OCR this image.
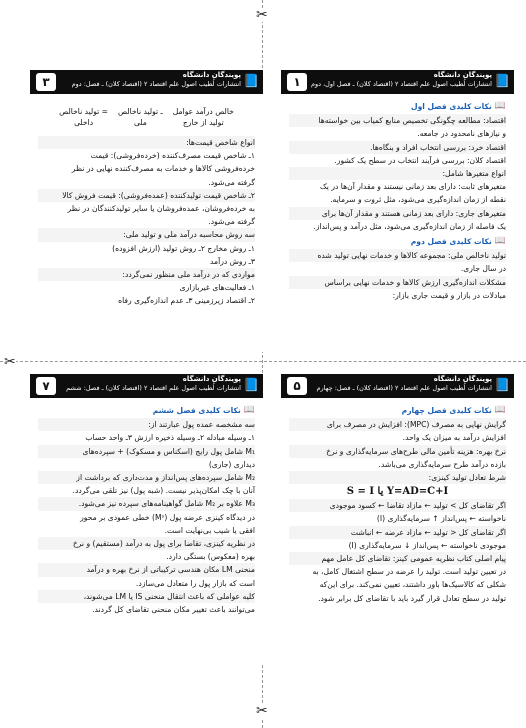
✂
✂
✂
۱	📘
پویندگان دانشگاه
انتشارات لُطیب اصول علم اقتصاد ۲ (اقتصاد کلان) ـ فصل اول، دوم
📖
نکات کلیدی فصل اول

اقتصاد: مطالعه چگونگی تخصیص منابع کمیاب بین خواسته‌ها

و نیازهای نامحدود در جامعه.

اقتصاد خرد: بررسی انتخاب افراد و بنگاه‌ها.

اقتصاد کلان: بررسی فرآیند انتخاب در سطح یک کشور.

انواع متغیرها شامل:

متغیرهای ثابت: دارای بعد زمانی نیستند و مقدار آن‌ها در یک

نقطه از زمان اندازه‌گیری می‌شود، مثل ثروت و سرمایه.

متغیرهای جاری: دارای بعد زمانی هستند و مقدار آن‌ها برای

یک فاصله از زمان اندازه‌گیری می‌شود، مثل درآمد و پس‌انداز.

📖
نکات کلیدی فصل دوم

تولید ناخالص ملی: مجموعه کالاها و خدمات نهایی تولید شده

در سال جاری.

مشکلات اندازه‌گیری ارزش کالاها و خدمات نهایی براساس

مبادلات در بازار و قیمت جاری بازار:

۳	📘
پویندگان دانشگاه
انتشارات لُطیب اصول علم اقتصاد ۲ (اقتصاد کلان) ـ فصل: دوم
خالص درآمد عوامل
تولید از خارج
ـ تولید ناخالص
ملی
= تولید ناخالص
داخلی

انواع شاخص قیمت‌ها:

۱ـ شاخص قیمت مصرف‌کننده (خرده‌فروشی): قیمت

خرده‌فروشی کالاها و خدمات به مصرف‌کننده نهایی در نظر

گرفته می‌شود.

۲ـ شاخص قیمت تولیدکننده (عمده‌فروشی): قیمت فروش کالا

به خرده‌فروشان، عمده‌فروشان یا سایر تولیدکنندگان در نظر

گرفته می‌شود.

سه روش محاسبه درآمد ملی و تولید ملی:

۱ـ روش مخارج ۲ـ روش تولید (ارزش افزوده)

۳ـ روش درآمد

مواردی که در درآمد ملی منظور نمی‌گردد:

۱ـ فعالیت‌های غیربازاری

۲ـ اقتصاد زیرزمینی ۳ـ عدم اندازه‌گیری رفاه

۵	📘
پویندگان دانشگاه
انتشارات لُطیب اصول علم اقتصاد ۲ (اقتصاد کلان) ـ فصل: چهارم
📖
نکات کلیدی فصل چهارم

گرایش نهایی به مصرف (MPC): افزایش در مصرف برای

افزایش درآمد به میزان یک واحد.

نرخ بهره: هزینه تأمین مالی طرح‌های سرمایه‌گذاری و نرخ

بازده درآمد طرح سرمایه‌گذاری می‌باشد.

شرط تعادل تولید کینزی:

S = I یا Y=AD=C+I

اگر تقاضای کل > تولید ← مازاد تقاضا ← کسود موجودی

ناخواسته ← پس‌انداز ↑ سرمایه‌گذاری (I)

اگر تقاضای کل < تولید ← مازاد عرضه ← انباشت

موجودی ناخواسته ← پس‌انداز ↓ سرمایه‌گذاری (I)

پیام اصلی کتاب نظریه عمومی کینز: تقاضای کل عامل مهم

در تعیین تولید است. تولید را عرضه در سطح اشتغال کامل، به

شکلی که کالاسیک‌ها باور داشتند، تعیین نمی‌کند. برای این‌که

تولید در سطح تعادل قرار گیرد باید با تقاضای کل برابر شود.

۷	📘
پویندگان دانشگاه
انتشارات لُطیب اصول علم اقتصاد ۲ (اقتصاد کلان) ـ فصل: ششم
📖
نکات کلیدی فصل ششم

سه مشخصه عمده پول عبارتند از:

۱ـ وسیله مبادله ۲ـ وسیله ذخیره ارزش ۳ـ واحد حساب

M₁ شامل پول رایج (اسکناس و مسکوک) + سپرده‌های

دیداری (جاری)

M₂ شامل سپرده‌های پس‌انداز و مدت‌داری که برداشت از

آنان با چک امکان‌پذیر نیست. (شبه پول) نیز تلقی می‌گردد.

M₃ علاوه بر M₂ شامل گواهینامه‌های سپرده نیز می‌شود.

در دیدگاه کینزی عرضه پول (Mˢ) خطی عمودی بر محور

افقی یا شیب بی‌نهایت است.

در نظریه کینزی، تقاضا برای پول به درآمد (مستقیم) و نرخ

بهره (معکوس) بستگی دارد.

منحنی LM مکان هندسی ترکیباتی از نرخ بهره و درآمد

است که بازار پول را متعادل می‌سازد.

کلیه عواملی که باعث انتقال منحنی IS یا LM می‌شوند،

می‌توانند باعث تغییر مکان منحنی تقاضای کل گردند.
